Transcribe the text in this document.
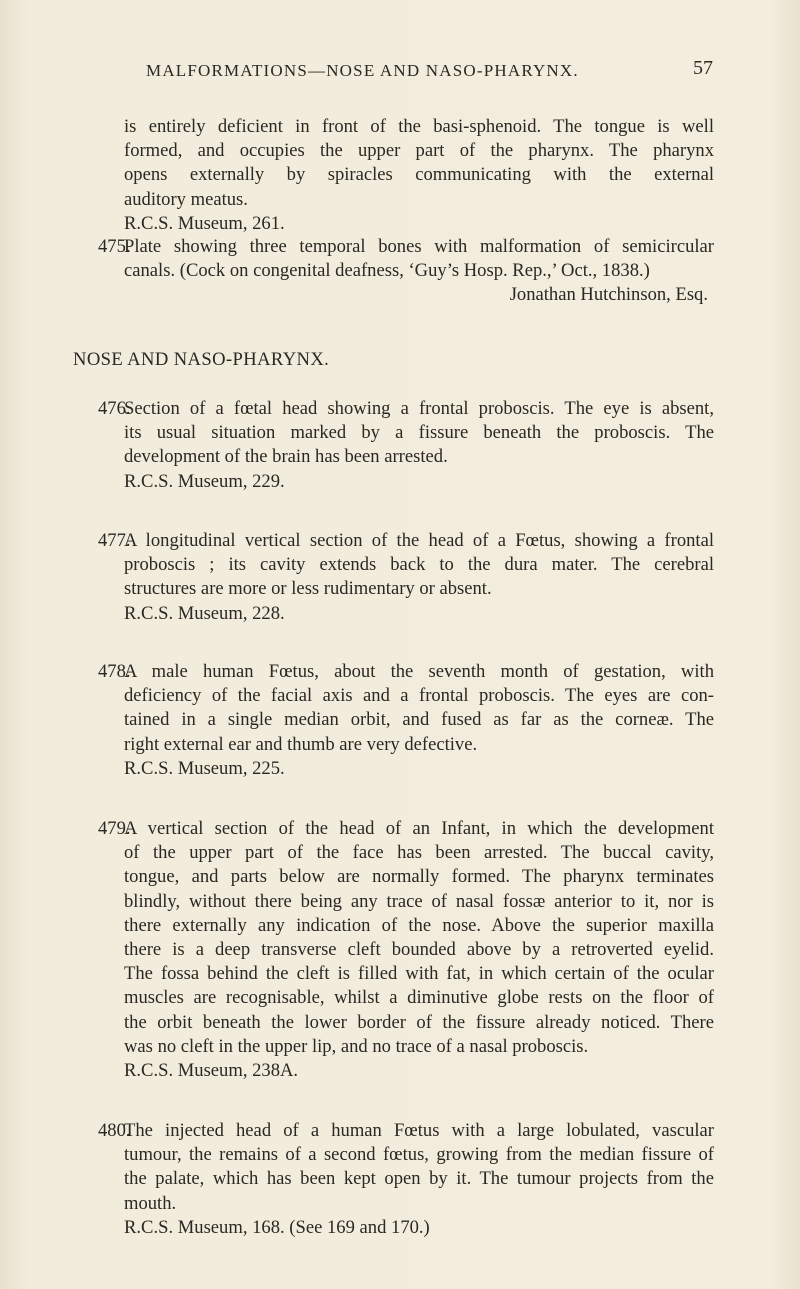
MALFORMATIONS—NOSE AND NASO-PHARYNX.	57
is entirely deficient in front of the basi-sphenoid. The tongue is well
formed, and occupies the upper part of the pharynx. The pharynx
opens externally by spiracles communicating with the external
auditory meatus.
R.C.S. Museum, 261.
475.Plate showing three temporal bones with malformation of semicircular
canals. (Cock on congenital deafness, ‘Guy’s Hosp. Rep.,’ Oct., 1838.)
Jonathan Hutchinson, Esq.
NOSE AND NASO-PHARYNX.
476.Section of a fœtal head showing a frontal proboscis. The eye is absent,
its usual situation marked by a fissure beneath the proboscis. The
development of the brain has been arrested.
R.C.S. Museum, 229.
477.A longitudinal vertical section of the head of a Fœtus, showing a frontal
proboscis ; its cavity extends back to the dura mater. The cerebral
structures are more or less rudimentary or absent.
R.C.S. Museum, 228.
478.A male human Fœtus, about the seventh month of gestation, with
deficiency of the facial axis and a frontal proboscis. The eyes are con-
tained in a single median orbit, and fused as far as the corneæ. The
right external ear and thumb are very defective.
R.C.S. Museum, 225.
479.A vertical section of the head of an Infant, in which the development
of the upper part of the face has been arrested. The buccal cavity,
tongue, and parts below are normally formed. The pharynx terminates
blindly, without there being any trace of nasal fossæ anterior to it, nor is
there externally any indication of the nose. Above the superior maxilla
there is a deep transverse cleft bounded above by a retroverted eyelid.
The fossa behind the cleft is filled with fat, in which certain of the ocular
muscles are recognisable, whilst a diminutive globe rests on the floor of
the orbit beneath the lower border of the fissure already noticed. There
was no cleft in the upper lip, and no trace of a nasal proboscis.
R.C.S. Museum, 238A.
480.The injected head of a human Fœtus with a large lobulated, vascular
tumour, the remains of a second fœtus, growing from the median fissure of
the palate, which has been kept open by it. The tumour projects from the
mouth.
R.C.S. Museum, 168. (See 169 and 170.)
